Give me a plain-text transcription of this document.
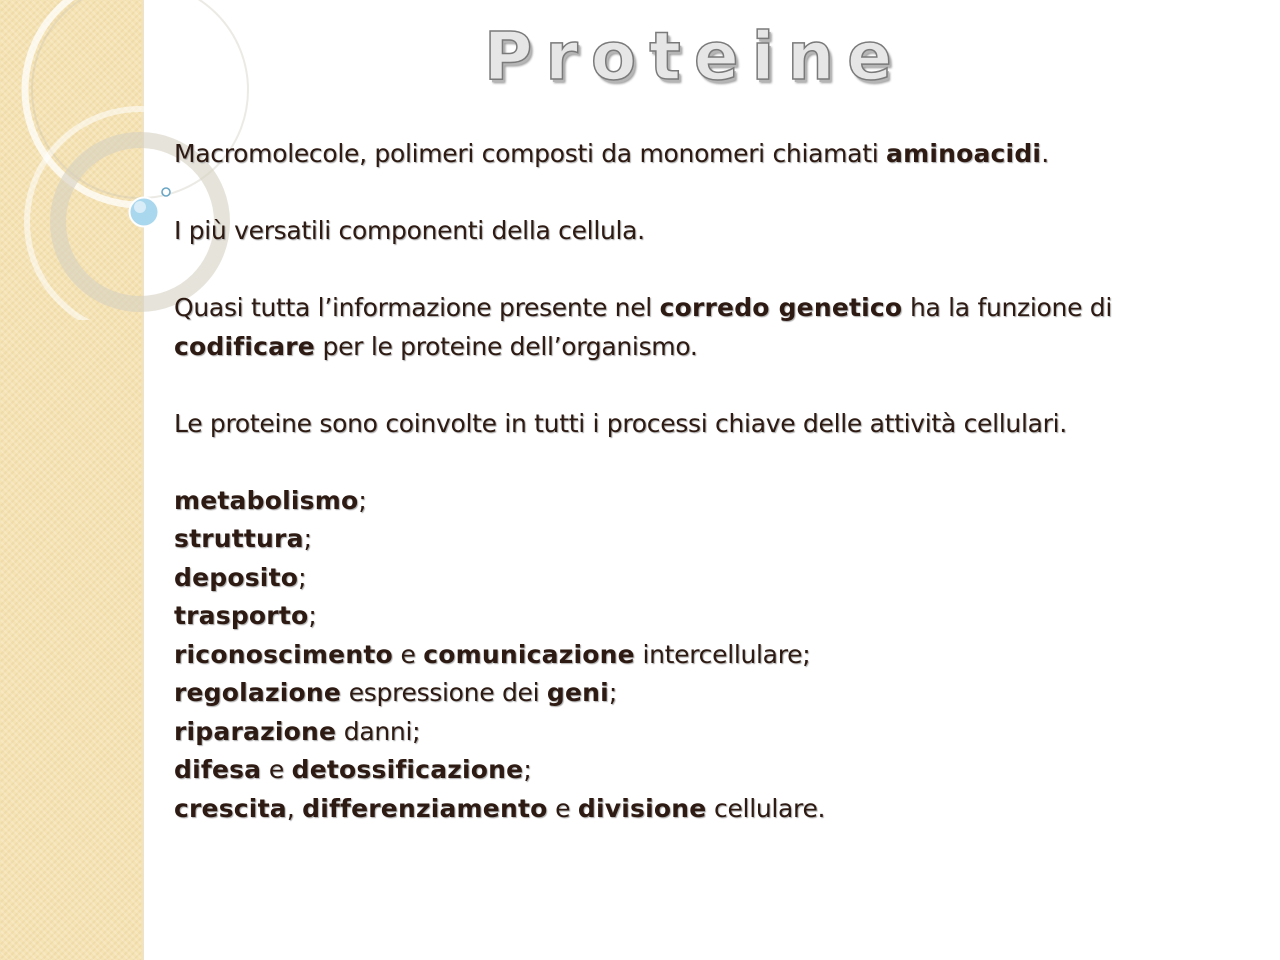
Proteine

Macromolecole, polimeri composti da monomeri chiamati aminoacidi.

I più versatili componenti della cellula.

Quasi tutta l’informazione presente nel corredo genetico ha la funzione di

codificare per le proteine dell’organismo.

Le proteine sono coinvolte in tutti i processi chiave delle attività cellulari.

metabolismo;

struttura;

deposito;

trasporto;

riconoscimento e comunicazione intercellulare;

regolazione espressione dei geni;

riparazione danni;

difesa e detossificazione;

crescita, differenziamento e divisione cellulare.
